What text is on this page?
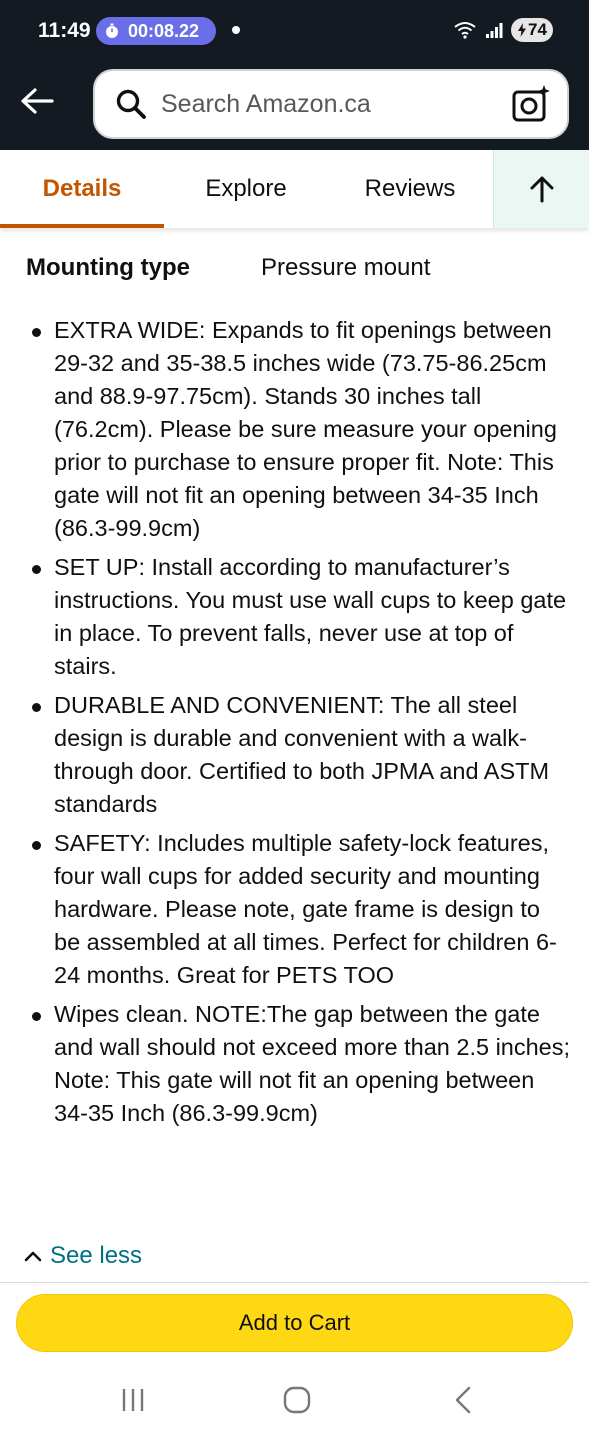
11:49 00:08.22	74
Search Amazon.ca
Details	Explore	Reviews
Mounting type	Pressure mount
EXTRA WIDE: Expands to fit openings between 29-32 and 35-38.5 inches wide (73.75-86.25cm and 88.9-97.75cm). Stands 30 inches tall (76.2cm). Please be sure measure your opening prior to purchase to ensure proper fit. Note: This gate will not fit an opening between 34-35 Inch (86.3-99.9cm)
SET UP: Install according to manufacturer’s instructions. You must use wall cups to keep gate in place. To prevent falls, never use at top of stairs.
DURABLE AND CONVENIENT: The all steel design is durable and convenient with a walk-through door. Certified to both JPMA and ASTM standards
SAFETY: Includes multiple safety-lock features, four wall cups for added security and mounting hardware. Please note, gate frame is design to be assembled at all times. Perfect for children 6-24 months. Great for PETS TOO
Wipes clean. NOTE:The gap between the gate and wall should not exceed more than 2.5 inches; Note: This gate will not fit an opening between 34-35 Inch (86.3-99.9cm)
See less
Add to Cart
